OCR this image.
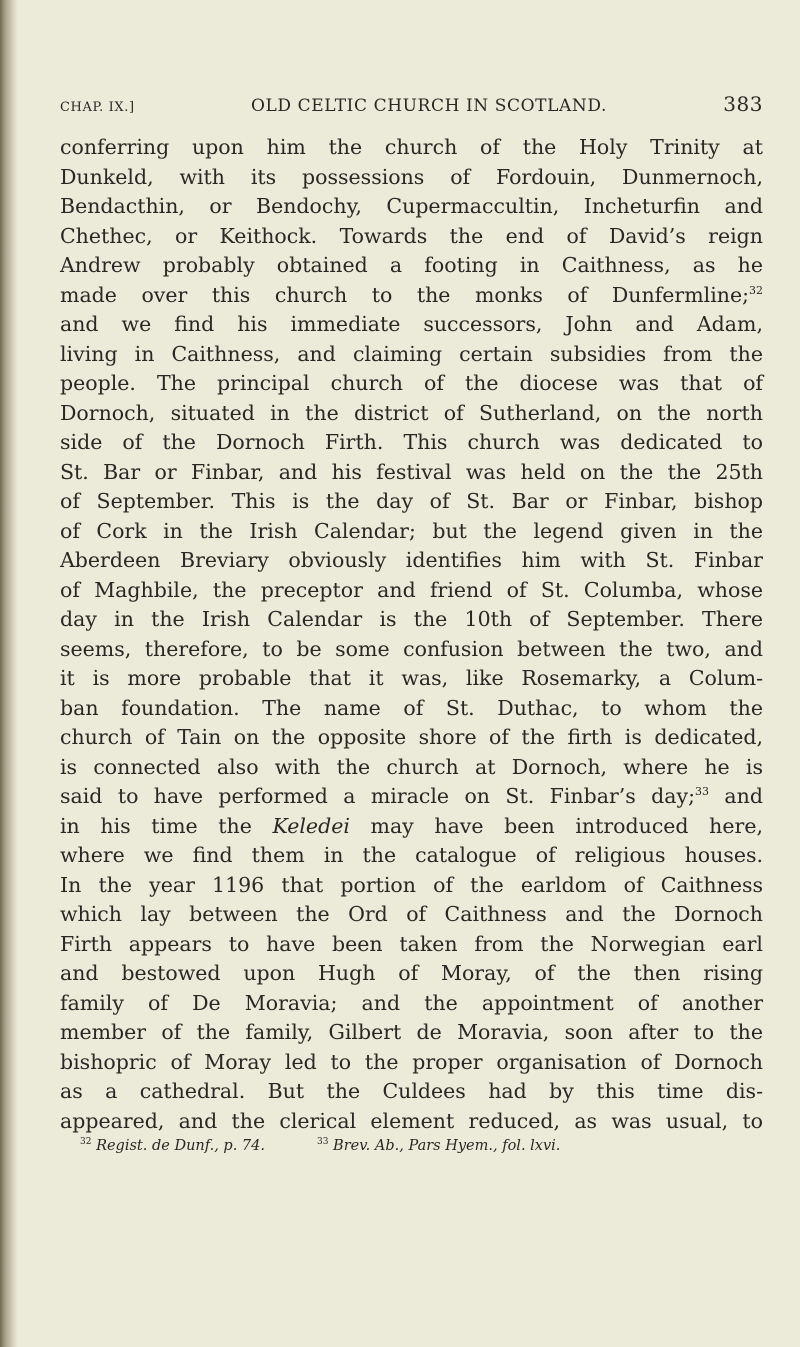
CHAP. IX.]	OLD CELTIC CHURCH IN SCOTLAND.	383
conferring upon him the church of the Holy Trinity at
Dunkeld, with its possessions of Fordouin, Dunmernoch,
Bendacthin, or Bendochy, Cupermaccultin, Incheturfin and
Chethec, or Keithock. Towards the end of David’s reign
Andrew probably obtained a footing in Caithness, as he
made over this church to the monks of Dunfermline;$^{32}$
and we find his immediate successors, John and Adam,
living in Caithness, and claiming certain subsidies from the
people. The principal church of the diocese was that of
Dornoch, situated in the district of Sutherland, on the north
side of the Dornoch Firth. This church was dedicated to
St. Bar or Finbar, and his festival was held on the the 25th
of September. This is the day of St. Bar or Finbar, bishop
of Cork in the Irish Calendar; but the legend given in the
Aberdeen Breviary obviously identifies him with St. Finbar
of Maghbile, the preceptor and friend of St. Columba, whose
day in the Irish Calendar is the 10th of September. There
seems, therefore, to be some confusion between the two, and
it is more probable that it was, like Rosemarky, a Colum-
ban foundation. The name of St. Duthac, to whom the
church of Tain on the opposite shore of the firth is dedicated,
is connected also with the church at Dornoch, where he is
said to have performed a miracle on St. Finbar’s day;$^{33}$ and
in his time the Keledei may have been introduced here,
where we find them in the catalogue of religious houses.
In the year 1196 that portion of the earldom of Caithness
which lay between the Ord of Caithness and the Dornoch
Firth appears to have been taken from the Norwegian earl
and bestowed upon Hugh of Moray, of the then rising
family of De Moravia; and the appointment of another
member of the family, Gilbert de Moravia, soon after to the
bishopric of Moray led to the proper organisation of Dornoch
as a cathedral. But the Culdees had by this time dis-
appeared, and the clerical element reduced, as was usual, to
$^{32}$ Regist. de Dunf., p. 74.	$^{33}$ Brev. Ab., Pars Hyem., fol. lxvi.
